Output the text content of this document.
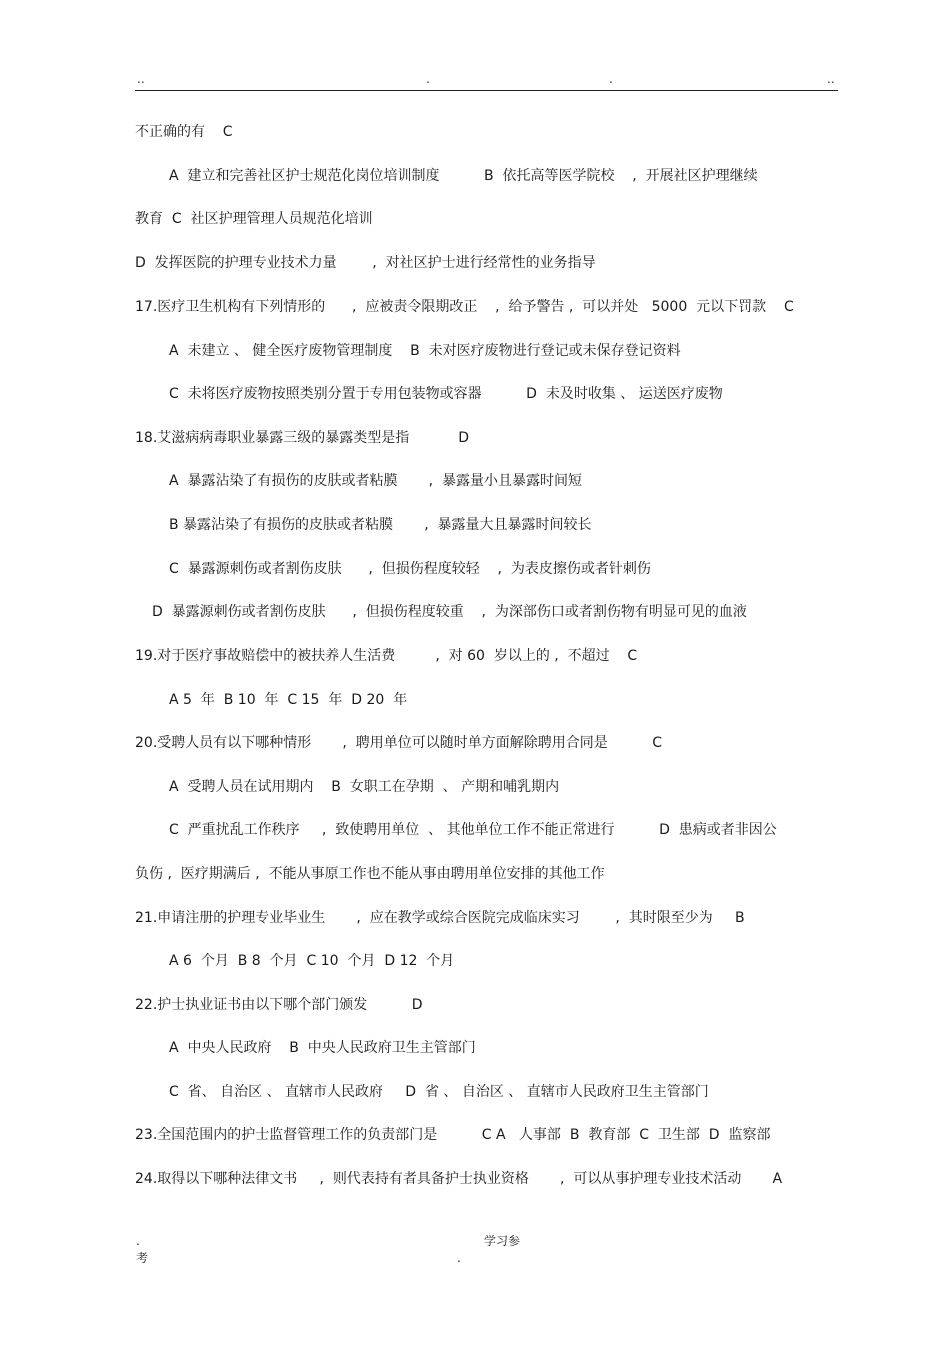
..	.	.	..
不正确的有    C
A  建立和完善社区护士规范化岗位培训制度          B  依托高等医学院校    ,  开展社区护理继续
教育  C  社区护理管理人员规范化培训
D  发挥医院的护理专业技术力量        ,  对社区护士进行经常性的业务指导
17.医疗卫生机构有下列情形的      ,  应被责令限期改正    ,  给予警告 ,  可以并处   5000  元以下罚款    C
A  未建立 、 健全医疗废物管理制度    B  未对医疗废物进行登记或未保存登记资料
C  未将医疗废物按照类别分置于专用包装物或容器          D  未及时收集 、 运送医疗废物
18.艾滋病病毒职业暴露三级的暴露类型是指           D
A  暴露沾染了有损伤的皮肤或者粘膜       ,  暴露量小且暴露时间短
B 暴露沾染了有损伤的皮肤或者粘膜       ,  暴露量大且暴露时间较长
C  暴露源刺伤或者割伤皮肤      ,  但损伤程度较轻    ,  为表皮擦伤或者针刺伤
D  暴露源刺伤或者割伤皮肤      ,  但损伤程度较重    ,  为深部伤口或者割伤物有明显可见的血液
19.对于医疗事故赔偿中的被扶养人生活费         ,  对 60  岁以上的 ,  不超过    C
A 5  年  B 10  年  C 15  年  D 20  年
20.受聘人员有以下哪种情形       ,  聘用单位可以随时单方面解除聘用合同是          C
A  受聘人员在试用期内    B  女职工在孕期  、 产期和哺乳期内
C  严重扰乱工作秩序     ,  致使聘用单位  、 其他单位工作不能正常进行          D  患病或者非因公
负伤 ,  医疗期满后 ,  不能从事原工作也不能从事由聘用单位安排的其他工作
21.申请注册的护理专业毕业生       ,  应在教学或综合医院完成临床实习        ,  其时限至少为     B
A 6  个月  B 8  个月  C 10  个月  D 12  个月
22.护士执业证书由以下哪个部门颁发          D
A  中央人民政府    B  中央人民政府卫生主管部门
C  省、 自治区 、 直辖市人民政府     D  省 、 自治区 、 直辖市人民政府卫生主管部门
23.全国范围内的护士监督管理工作的负责部门是          C A   人事部  B  教育部  C  卫生部  D  监察部
24.取得以下哪种法律文书     ,  则代表持有者具备护士执业资格       ,  可以从事护理专业技术活动       A
.	学习参
考	.
